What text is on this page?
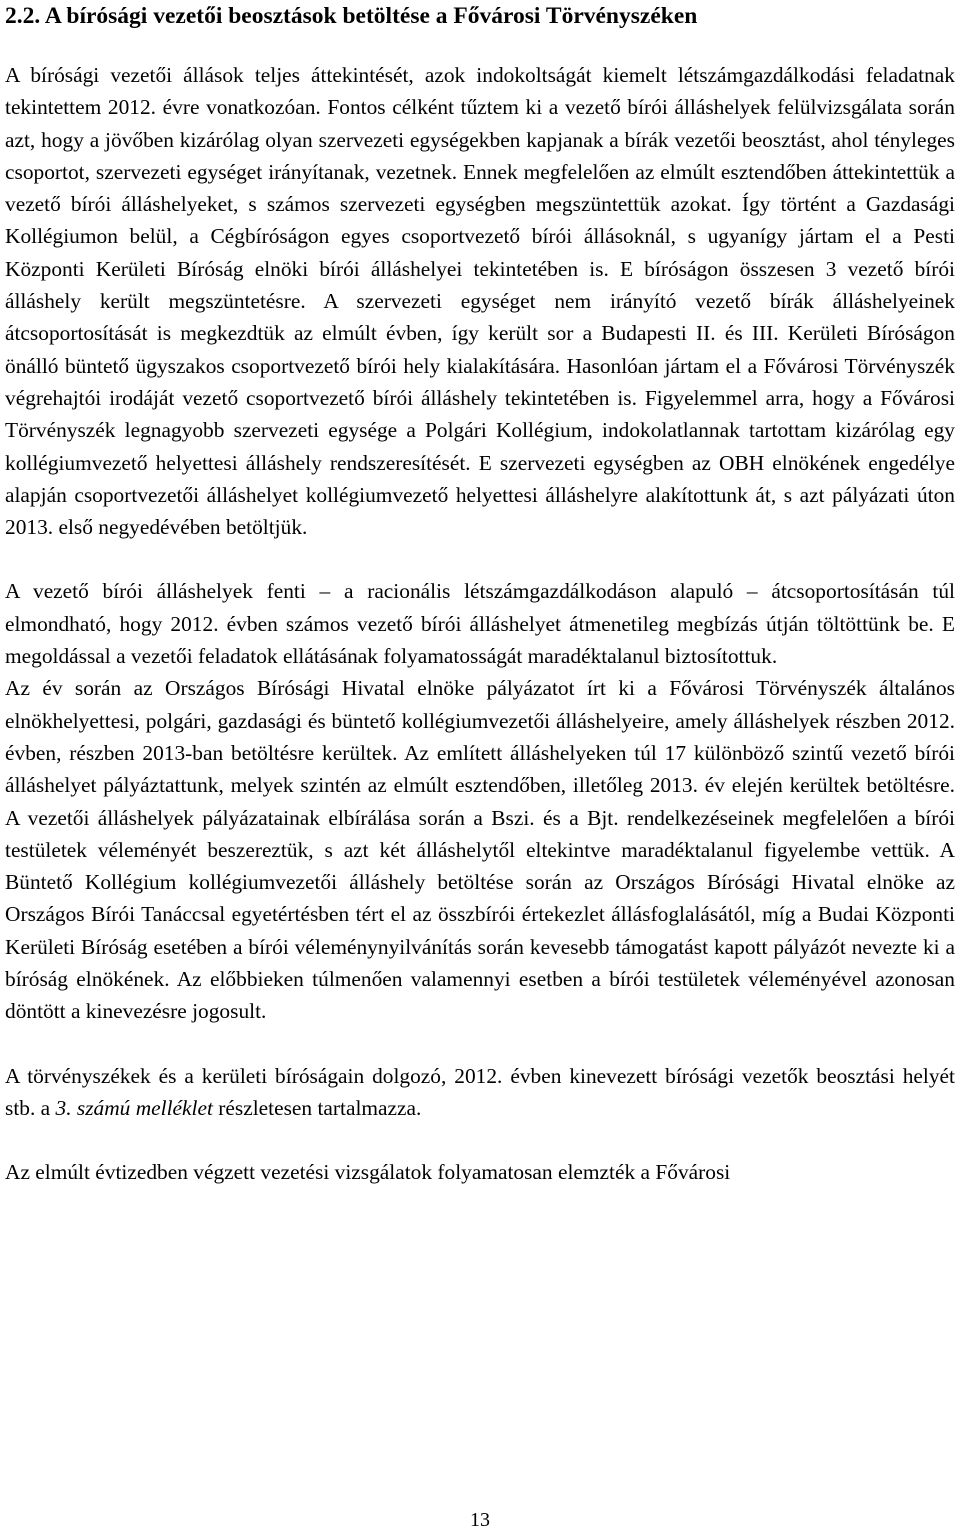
2.2. A bírósági vezetői beosztások betöltése a Fővárosi Törvényszéken

A bírósági vezetői állások teljes áttekintését, azok indokoltságát kiemelt létszámgazdálkodási feladatnak tekintettem 2012. évre vonatkozóan. Fontos célként tűztem ki a vezető bírói álláshelyek felülvizsgálata során azt, hogy a jövőben kizárólag olyan szervezeti egységekben kapjanak a bírák vezetői beosztást, ahol tényleges csoportot, szervezeti egységet irányítanak, vezetnek. Ennek megfelelően az elmúlt esztendőben áttekintettük a vezető bírói álláshelyeket, s számos szervezeti egységben megszüntettük azokat. Így történt a Gazdasági Kollégiumon belül, a Cégbíróságon egyes csoportvezető bírói állásoknál, s ugyanígy jártam el a Pesti Központi Kerületi Bíróság elnöki bírói álláshelyei tekintetében is. E bíróságon összesen 3 vezető bírói álláshely került megszüntetésre. A szervezeti egységet nem irányító vezető bírák álláshelyeinek átcsoportosítását is megkezdtük az elmúlt évben, így került sor a Budapesti II. és III. Kerületi Bíróságon önálló büntető ügyszakos csoportvezető bírói hely kialakítására. Hasonlóan jártam el a Fővárosi Törvényszék végrehajtói irodáját vezető csoportvezető bírói álláshely tekintetében is. Figyelemmel arra, hogy a Fővárosi Törvényszék legnagyobb szervezeti egysége a Polgári Kollégium, indokolatlannak tartottam kizárólag egy kollégiumvezető helyettesi álláshely rendszeresítését. E szervezeti egységben az OBH elnökének engedélye alapján csoportvezetői álláshelyet kollégiumvezető helyettesi álláshelyre alakítottunk át, s azt pályázati úton 2013. első negyedévében betöltjük.

A vezető bírói álláshelyek fenti – a racionális létszámgazdálkodáson alapuló – átcsoportosításán túl elmondható, hogy 2012. évben számos vezető bírói álláshelyet átmenetileg megbízás útján töltöttünk be. E megoldással a vezetői feladatok ellátásának folyamatosságát maradéktalanul biztosítottuk.

Az év során az Országos Bírósági Hivatal elnöke pályázatot írt ki a Fővárosi Törvényszék általános elnökhelyettesi, polgári, gazdasági és büntető kollégiumvezetői álláshelyeire, amely álláshelyek részben 2012. évben, részben 2013-ban betöltésre kerültek. Az említett álláshelyeken túl 17 különböző szintű vezető bírói álláshelyet pályáztattunk, melyek szintén az elmúlt esztendőben, illetőleg 2013. év elején kerültek betöltésre. A vezetői álláshelyek pályázatainak elbírálása során a Bszi. és a Bjt. rendelkezéseinek megfelelően a bírói testületek véleményét beszereztük, s azt két álláshelytől eltekintve maradéktalanul figyelembe vettük. A Büntető Kollégium kollégiumvezetői álláshely betöltése során az Országos Bírósági Hivatal elnöke az Országos Bírói Tanáccsal egyetértésben tért el az összbírói értekezlet állásfoglalásától, míg a Budai Központi Kerületi Bíróság esetében a bírói véleménynyilvánítás során kevesebb támogatást kapott pályázót nevezte ki a bíróság elnökének. Az előbbieken túlmenően valamennyi esetben a bírói testületek véleményével azonosan döntött a kinevezésre jogosult.

A törvényszékek és a kerületi bíróságain dolgozó, 2012. évben kinevezett bírósági vezetők beosztási helyét stb. a 3. számú melléklet részletesen tartalmazza.

Az elmúlt évtizedben végzett vezetési vizsgálatok folyamatosan elemzték a Fővárosi

13
